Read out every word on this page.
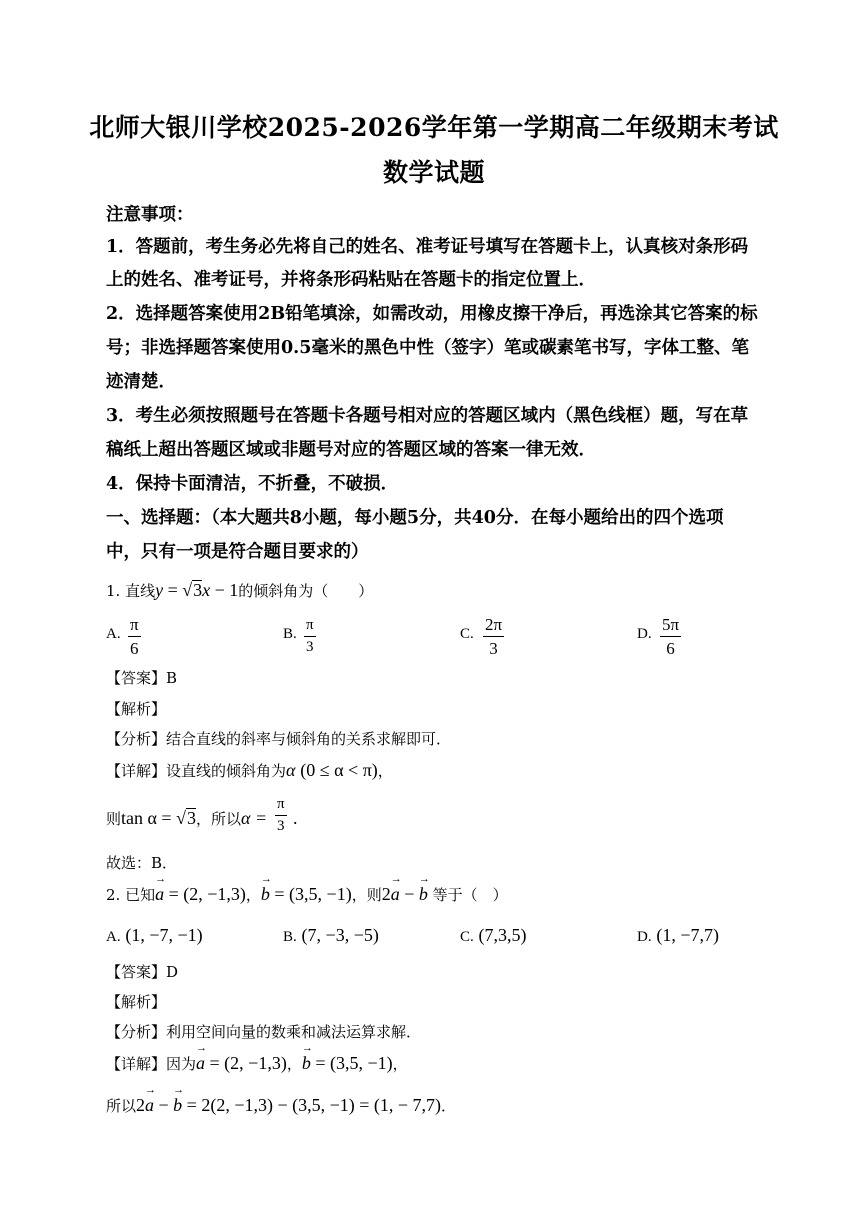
北师大银川学校2025-2026学年第一学期高二年级期末考试
数学试题
注意事项：
1．答题前，考生务必先将自己的姓名、准考证号填写在答题卡上，认真核对条形码
上的姓名、准考证号，并将条形码粘贴在答题卡的指定位置上．
2．选择题答案使用2B铅笔填涂，如需改动，用橡皮擦干净后，再选涂其它答案的标
号；非选择题答案使用0.5毫米的黑色中性（签字）笔或碳素笔书写，字体工整、笔
迹清楚．
3．考生必须按照题号在答题卡各题号相对应的答题区域内（黑色线框）题，写在草
稿纸上超出答题区域或非题号对应的答题区域的答案一律无效．
4．保持卡面清洁，不折叠，不破损．
一、选择题：（本大题共8小题，每小题5分，共40分．在每小题给出的四个选项
中，只有一项是符合题目要求的）
1. 直线y = √3x − 1的倾斜角为（　　）
A. $\frac{\pi}{6}$	B. $\frac{\pi}{3}$	C. $\frac{2\pi}{3}$	D. $\frac{5\pi}{6}$
【答案】B
【解析】
【分析】结合直线的斜率与倾斜角的关系求解即可．
【详解】设直线的倾斜角为α (0 ≤ α < π)，
则tan α = √3，所以$\alpha = \frac{\pi}{3}$ .
故选：B．
2. 已知→ a = (2, −1,3)，→ b = (3,5, −1)，则2→ a − → b 等于（　）
A. (1, −7, −1)	B. (7, −3, −5)	C. (7,3,5)	D. (1, −7,7)
【答案】D
【解析】
【分析】利用空间向量的数乘和减法运算求解．
【详解】因为→ a = (2, −1,3)，→ b = (3,5, −1)，
所以2→ a − → b = 2(2, −1,3) − (3,5, −1) = (1, − 7,7)．
